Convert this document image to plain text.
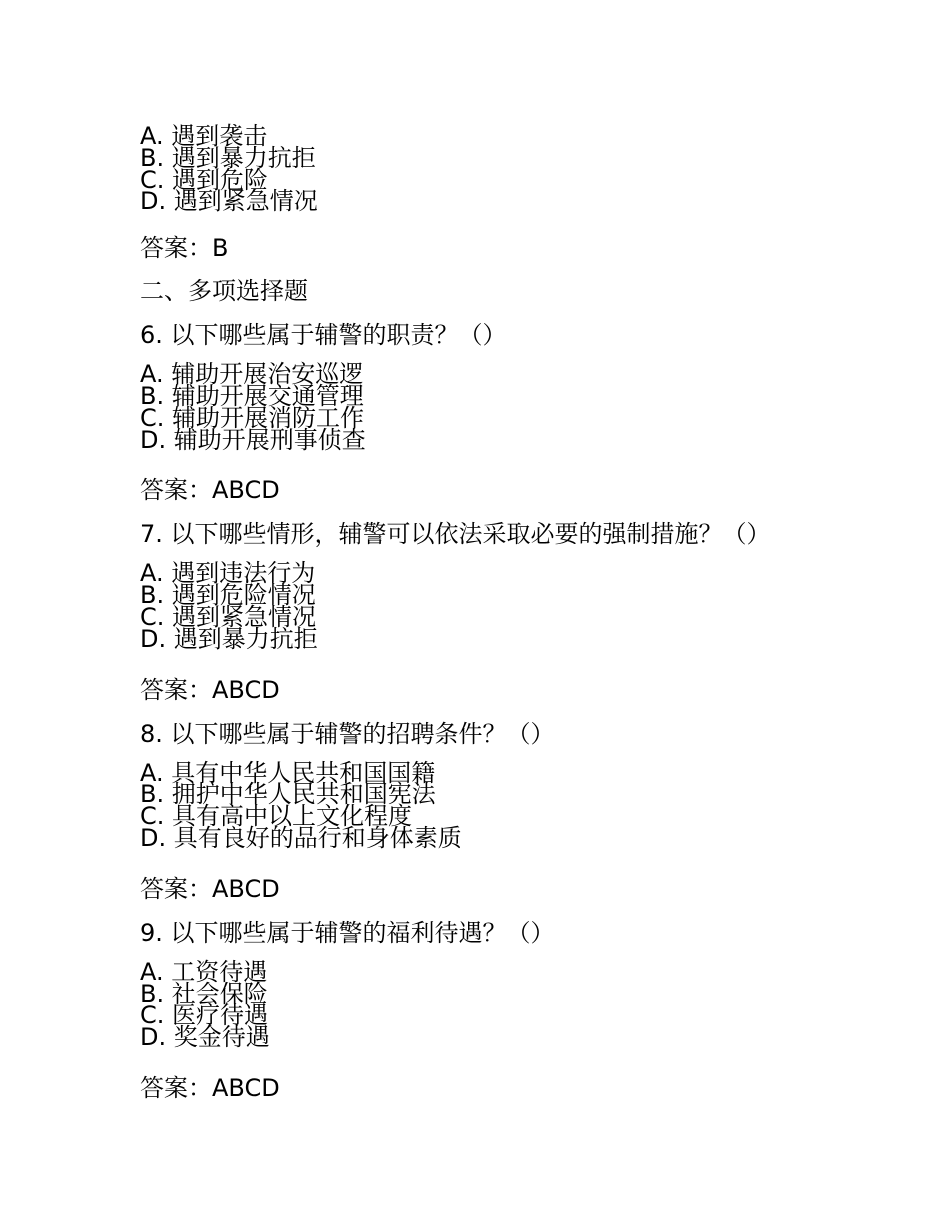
A. 遇到袭击
B. 遇到暴力抗拒
C. 遇到危险
D. 遇到紧急情况
答案：B
二、多项选择题
6. 以下哪些属于辅警的职责？（）
A. 辅助开展治安巡逻
B. 辅助开展交通管理
C. 辅助开展消防工作
D. 辅助开展刑事侦查
答案：ABCD
7. 以下哪些情形，辅警可以依法采取必要的强制措施？（）
A. 遇到违法行为
B. 遇到危险情况
C. 遇到紧急情况
D. 遇到暴力抗拒
答案：ABCD
8. 以下哪些属于辅警的招聘条件？（）
A. 具有中华人民共和国国籍
B. 拥护中华人民共和国宪法
C. 具有高中以上文化程度
D. 具有良好的品行和身体素质
答案：ABCD
9. 以下哪些属于辅警的福利待遇？（）
A. 工资待遇
B. 社会保险
C. 医疗待遇
D. 奖金待遇
答案：ABCD
